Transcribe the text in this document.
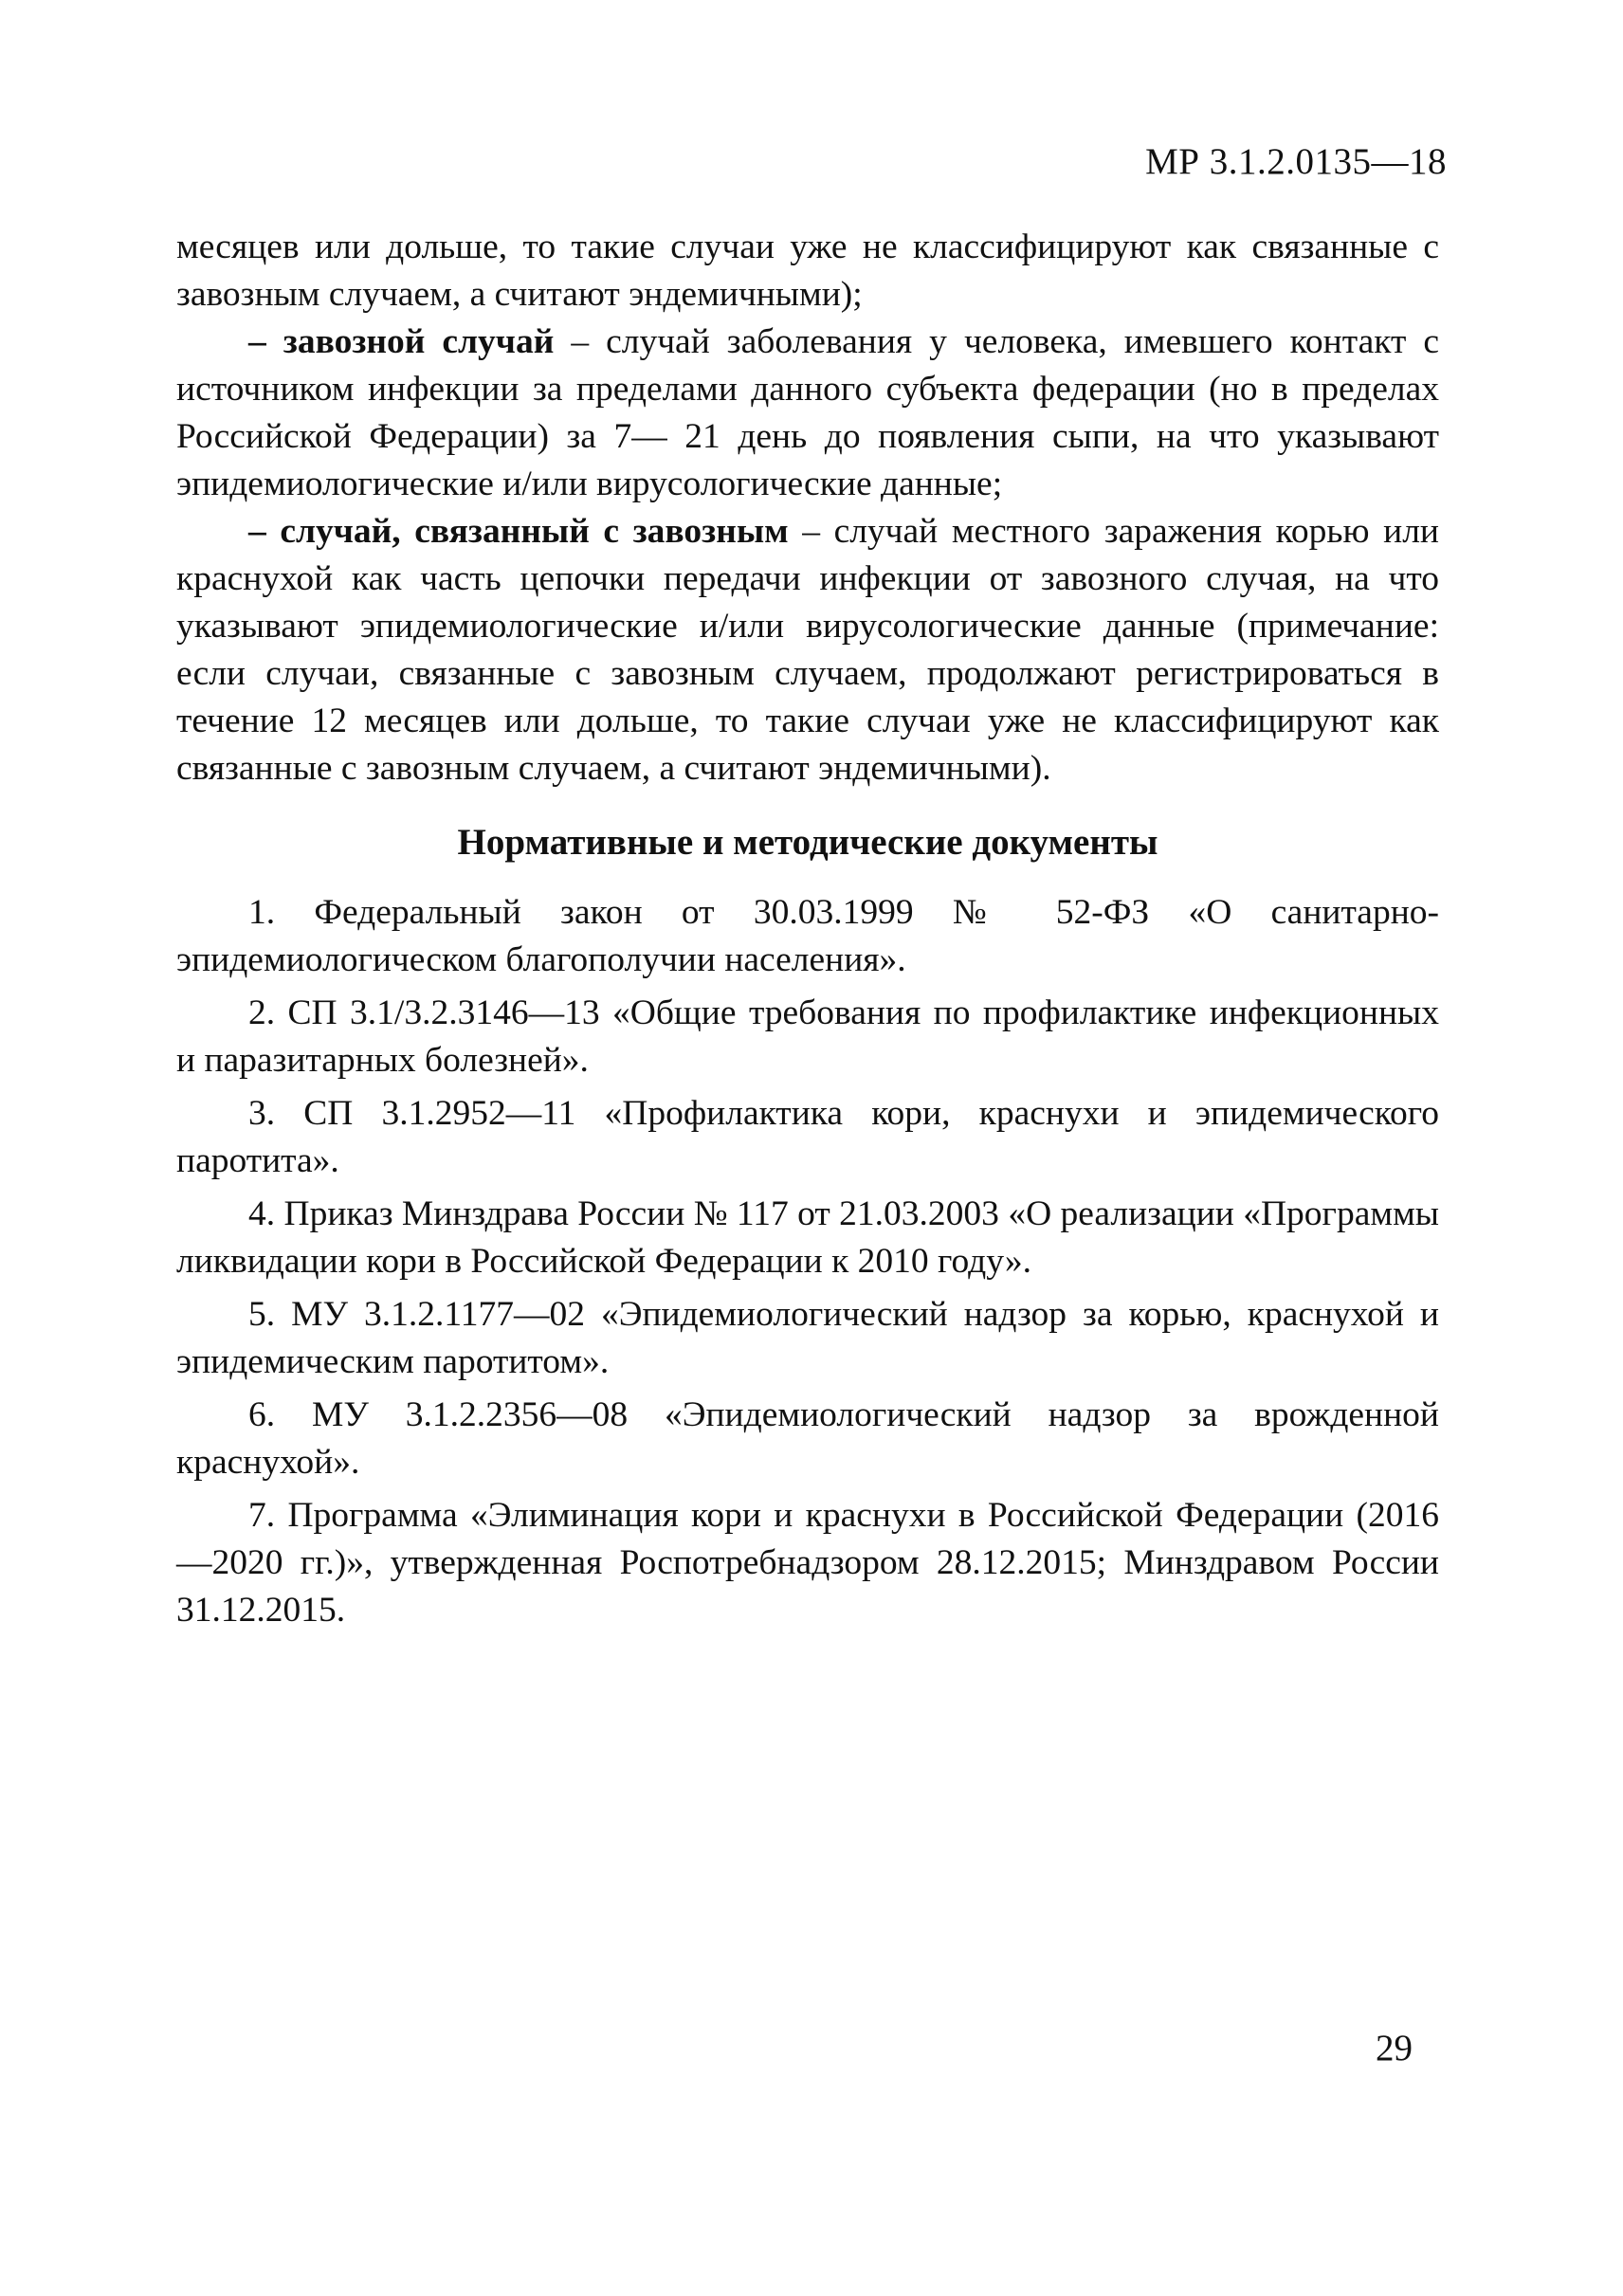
МР 3.1.2.0135—18

месяцев или дольше, то такие случаи уже не классифицируют как связанные с завозным случаем, а считают эндемичными);

– завозной случай – случай заболевания у человека, имевшего контакт с источником инфекции за пределами данного субъекта федерации (но в пределах Российской Федерации) за 7— 21 день до появления сыпи, на что указывают эпидемиологические и/или вирусологические данные;

– случай, связанный с завозным – случай местного заражения корью или краснухой как часть цепочки передачи инфекции от завозного случая, на что указывают эпидемиологические и/или вирусологические данные (примечание: если случаи, связанные с завозным случаем, продолжают регистрироваться в течение 12 месяцев или дольше, то такие случаи уже не классифицируют как связанные с завозным случаем, а считают эндемичными).

Нормативные и методические документы

1. Федеральный закон от 30.03.1999 № 52-ФЗ «О санитарно-эпидемиологическом благополучии населения».

2. СП 3.1/3.2.3146—13 «Общие требования по профилактике инфекционных и паразитарных болезней».

3. СП 3.1.2952—11 «Профилактика кори, краснухи и эпидемического паротита».

4. Приказ Минздрава России № 117 от 21.03.2003 «О реализации «Программы ликвидации кори в Российской Федерации к 2010 году».

5. МУ 3.1.2.1177—02 «Эпидемиологический надзор за корью, краснухой и эпидемическим паротитом».

6. МУ 3.1.2.2356—08 «Эпидемиологический надзор за врожденной краснухой».

7. Программа «Элиминация кори и краснухи в Российской Федерации (2016—2020 гг.)», утвержденная Роспотребнадзором 28.12.2015; Минздравом России 31.12.2015.

29
